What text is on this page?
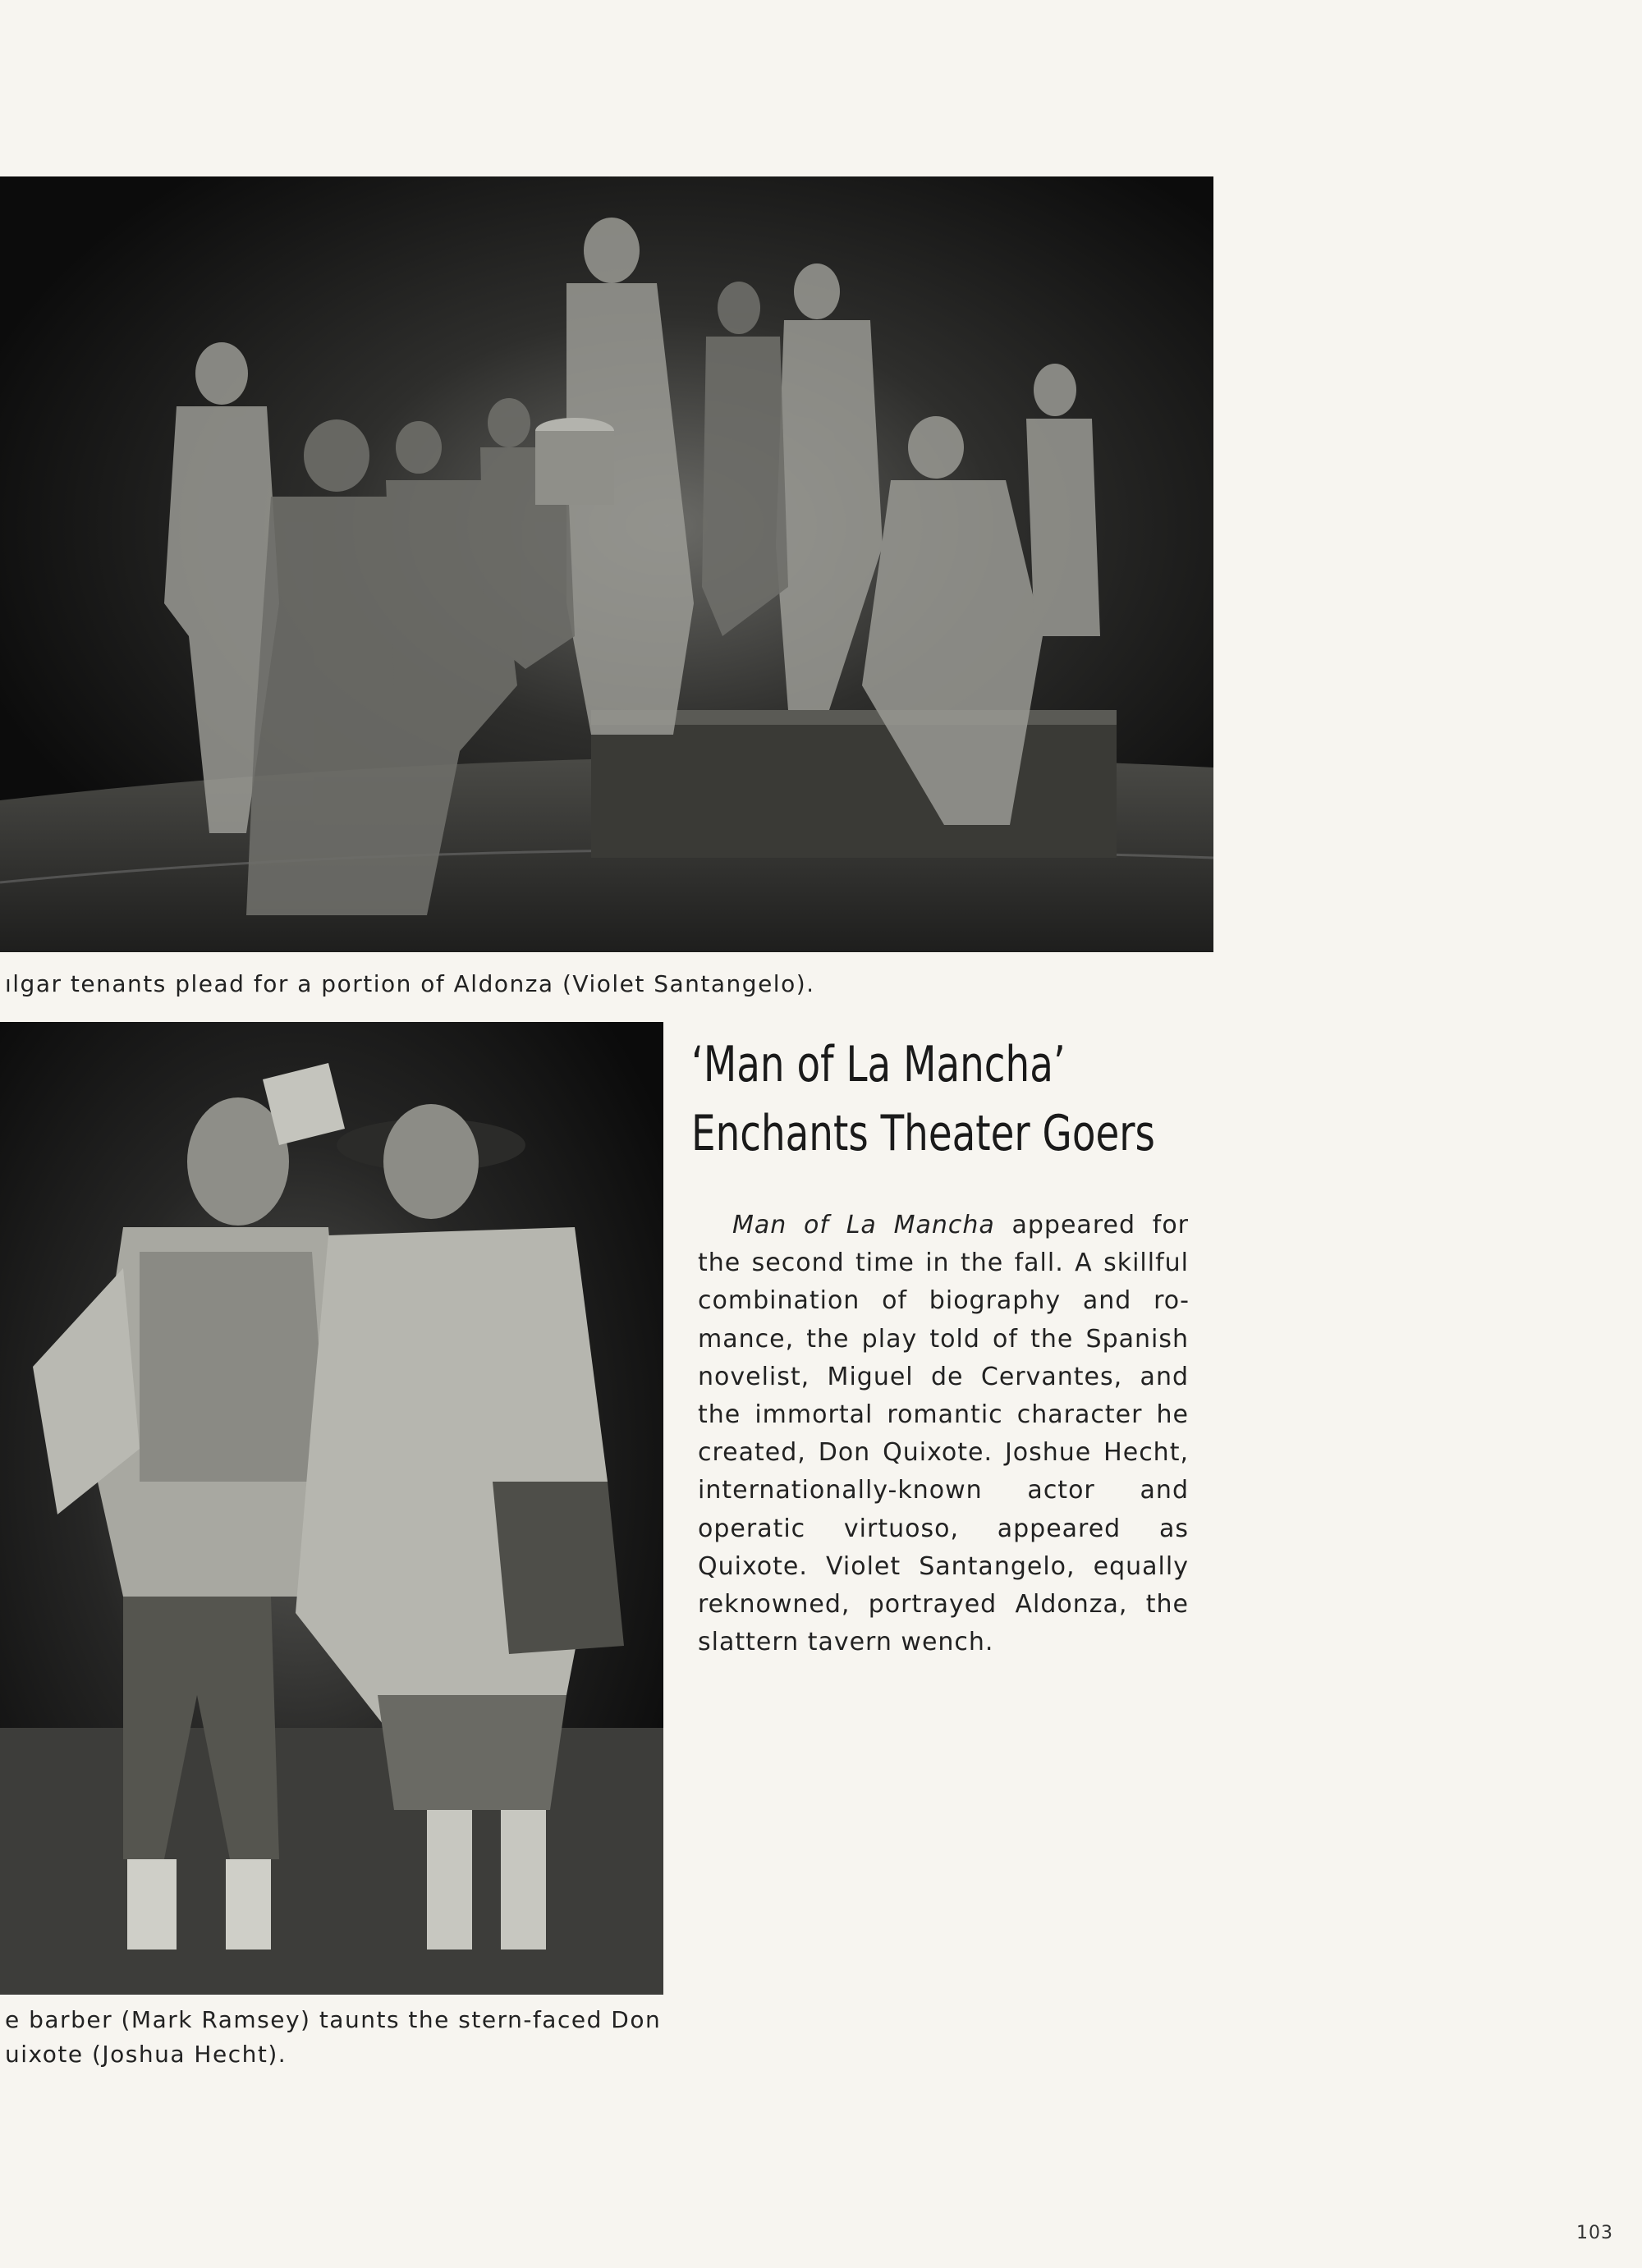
ılgar tenants plead for a portion of Aldonza (Violet Santangelo).
e barber (Mark Ramsey) taunts the stern-faced Don
uixote (Joshua Hecht).
‘Man of La Mancha’
Enchants Theater Goers

Man of La Mancha appeared for the second time in the fall. A skillful combination of biography and romance, the play told of the Spanish novelist, Miguel de Cervantes, and the immortal romantic character he created, Don Quixote. Joshue Hecht, internationally-known actor and operatic virtuoso, appeared as Quixote. Violet Santangelo, equally reknowned, portrayed Aldonza, the slattern tavern wench.

103
